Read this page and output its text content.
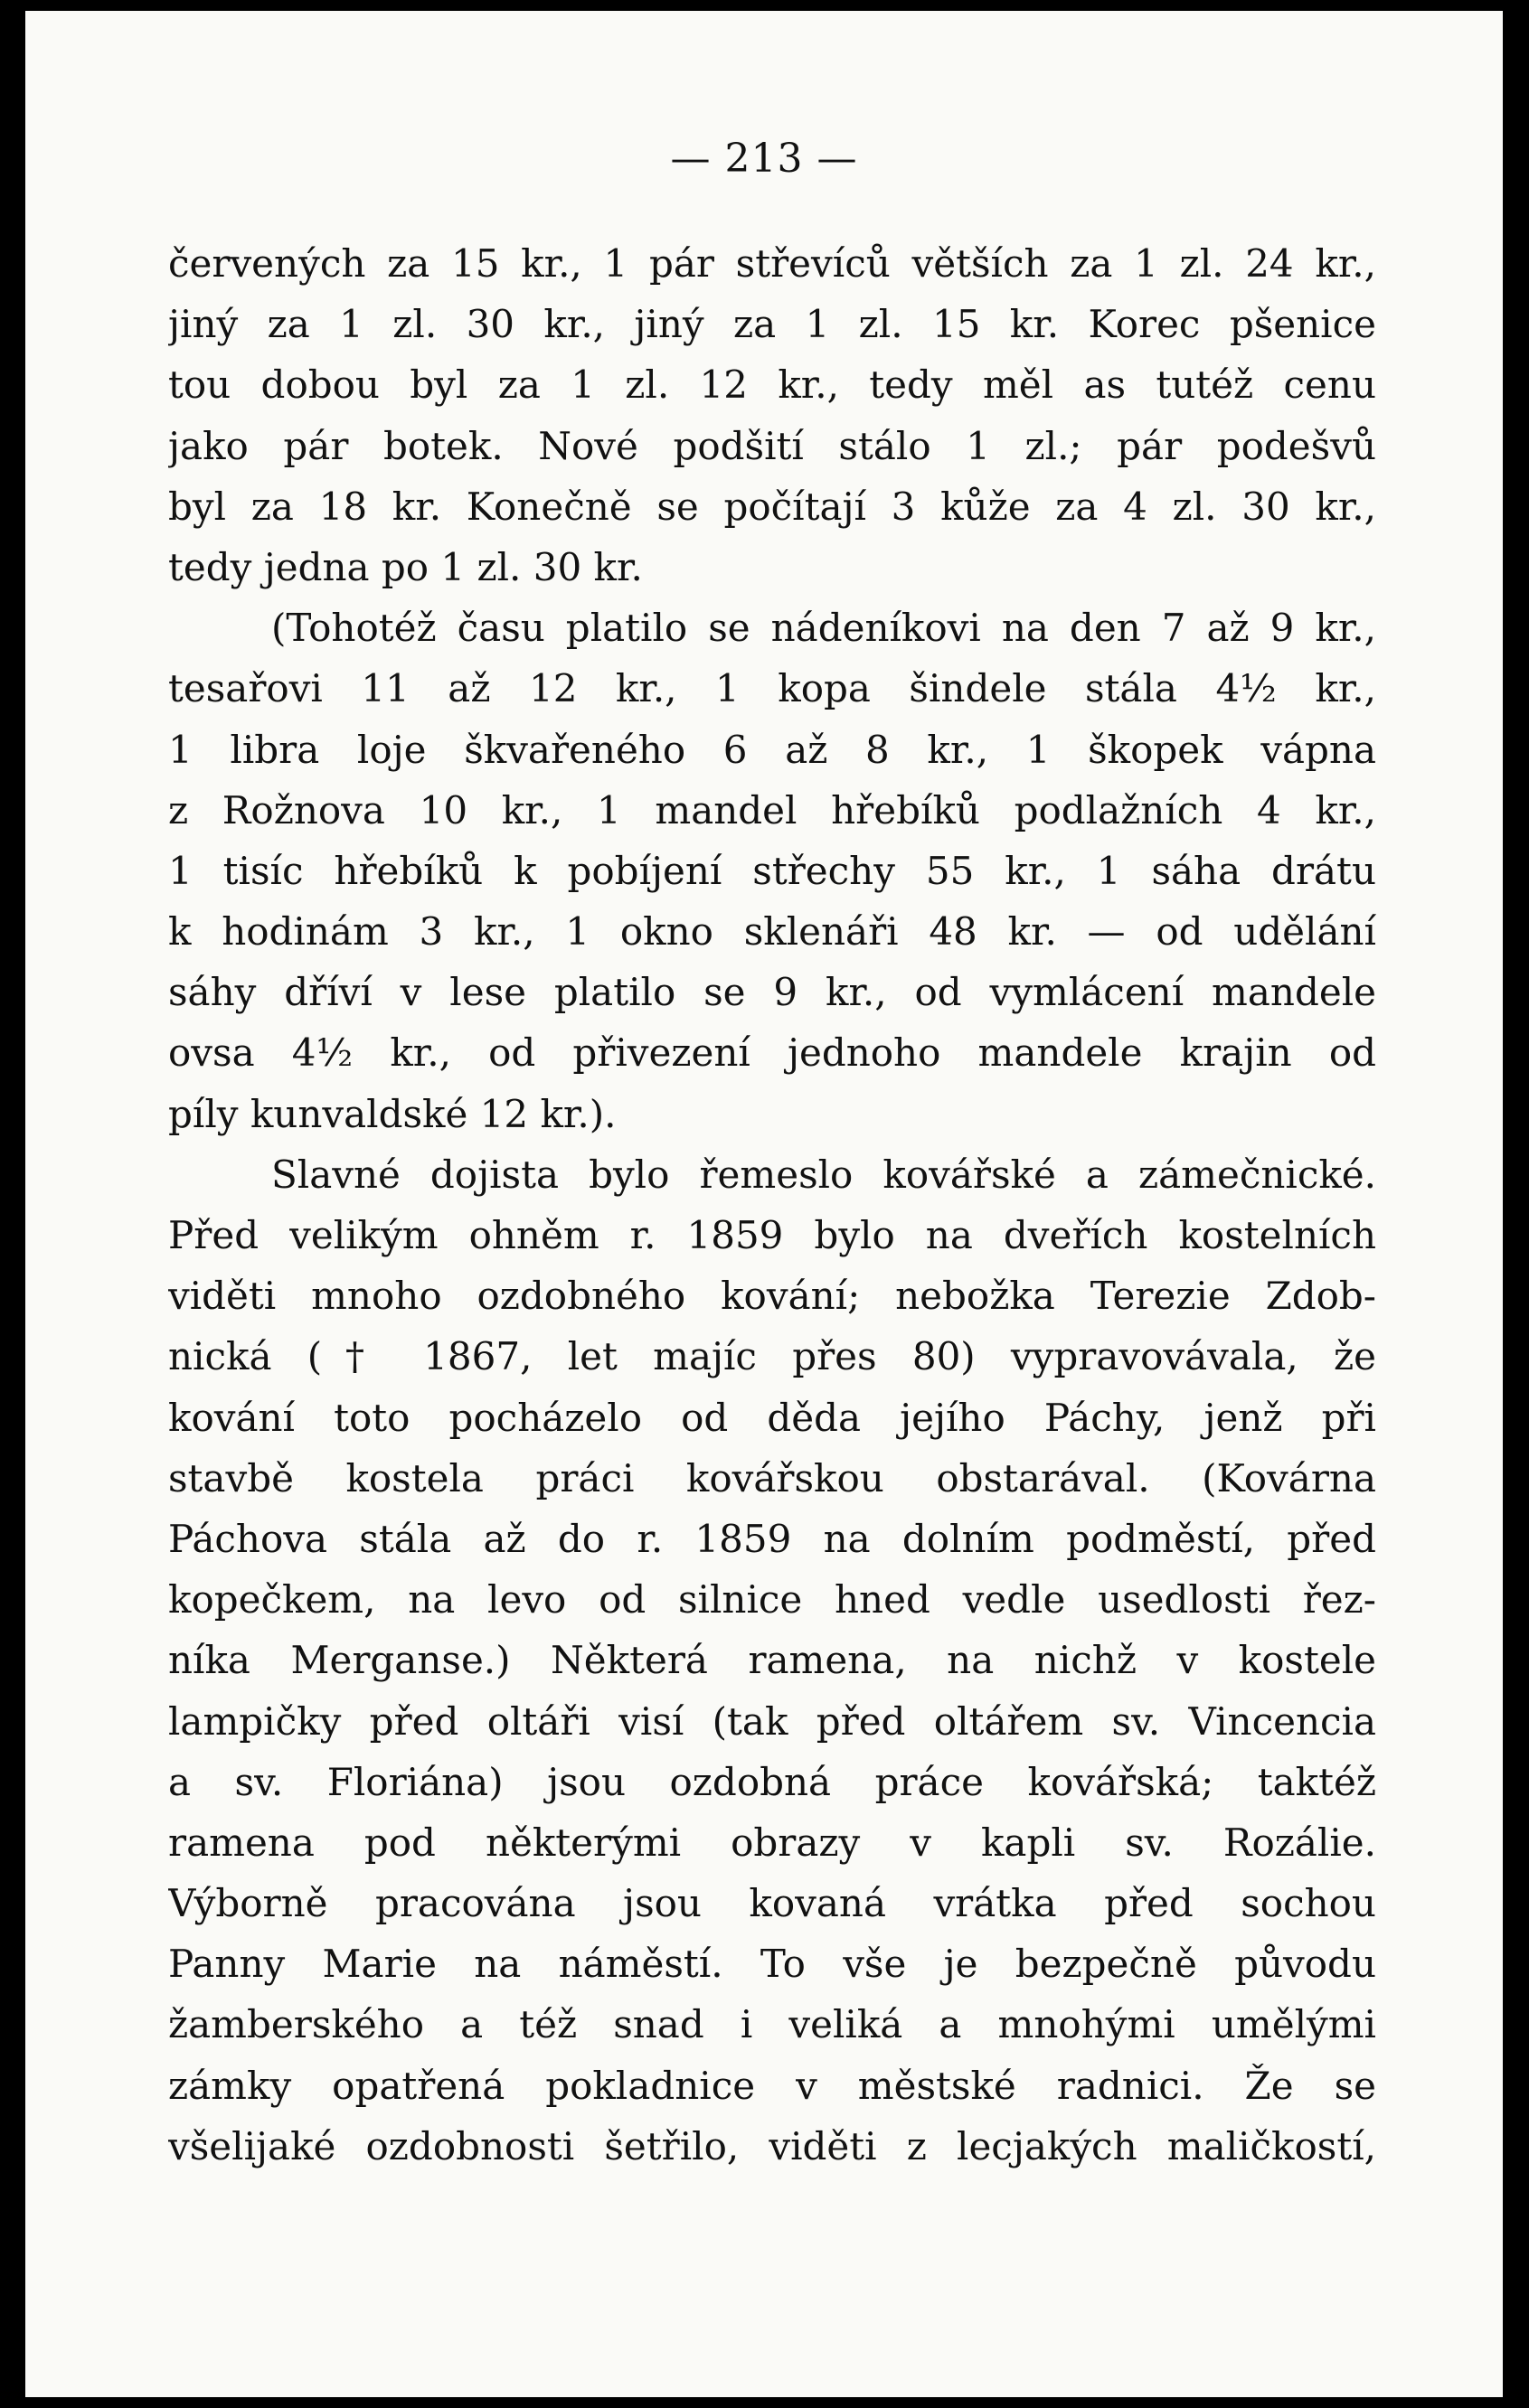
— 213 —
červených za 15 kr., 1 pár střevíců větších za 1 zl. 24 kr.,
jiný za 1 zl. 30 kr., jiný za 1 zl. 15 kr. Korec pšenice
tou dobou byl za 1 zl. 12 kr., tedy měl as tutéž cenu
jako pár botek. Nové podšití stálo 1 zl.; pár podešvů
byl za 18 kr. Konečně se počítají 3 kůže za 4 zl. 30 kr.,
tedy jedna po 1 zl. 30 kr.
(Tohotéž času platilo se nádeníkovi na den 7 až 9 kr.,
tesařovi 11 až 12 kr., 1 kopa šindele stála 4½ kr.,
1 libra loje škvařeného 6 až 8 kr., 1 škopek vápna
z Rožnova 10 kr., 1 mandel hřebíků podlažních 4 kr.,
1 tisíc hřebíků k pobíjení střechy 55 kr., 1 sáha drátu
k hodinám 3 kr., 1 okno sklenáři 48 kr. — od udělání
sáhy dříví v lese platilo se 9 kr., od vymlácení mandele
ovsa 4½ kr., od přivezení jednoho mandele krajin od
píly kunvaldské 12 kr.).
Slavné dojista bylo řemeslo kovářské a zámečnické.
Před velikým ohněm r. 1859 bylo na dveřích kostelních
viděti mnoho ozdobného kování; nebožka Terezie Zdob-
nická († 1867, let majíc přes 80) vypravovávala, že
kování toto pocházelo od děda jejího Páchy, jenž při
stavbě kostela práci kovářskou obstarával. (Kovárna
Páchova stála až do r. 1859 na dolním podměstí, před
kopečkem, na levo od silnice hned vedle usedlosti řez-
níka Merganse.) Některá ramena, na nichž v kostele
lampičky před oltáři visí (tak před oltářem sv. Vincencia
a sv. Floriána) jsou ozdobná práce kovářská; taktéž
ramena pod některými obrazy v kapli sv. Rozálie.
Výborně pracována jsou kovaná vrátka před sochou
Panny Marie na náměstí. To vše je bezpečně původu
žamberského a též snad i veliká a mnohými umělými
zámky opatřená pokladnice v městské radnici. Že se
všelijaké ozdobnosti šetřilo, viděti z lecjakých maličkostí,
